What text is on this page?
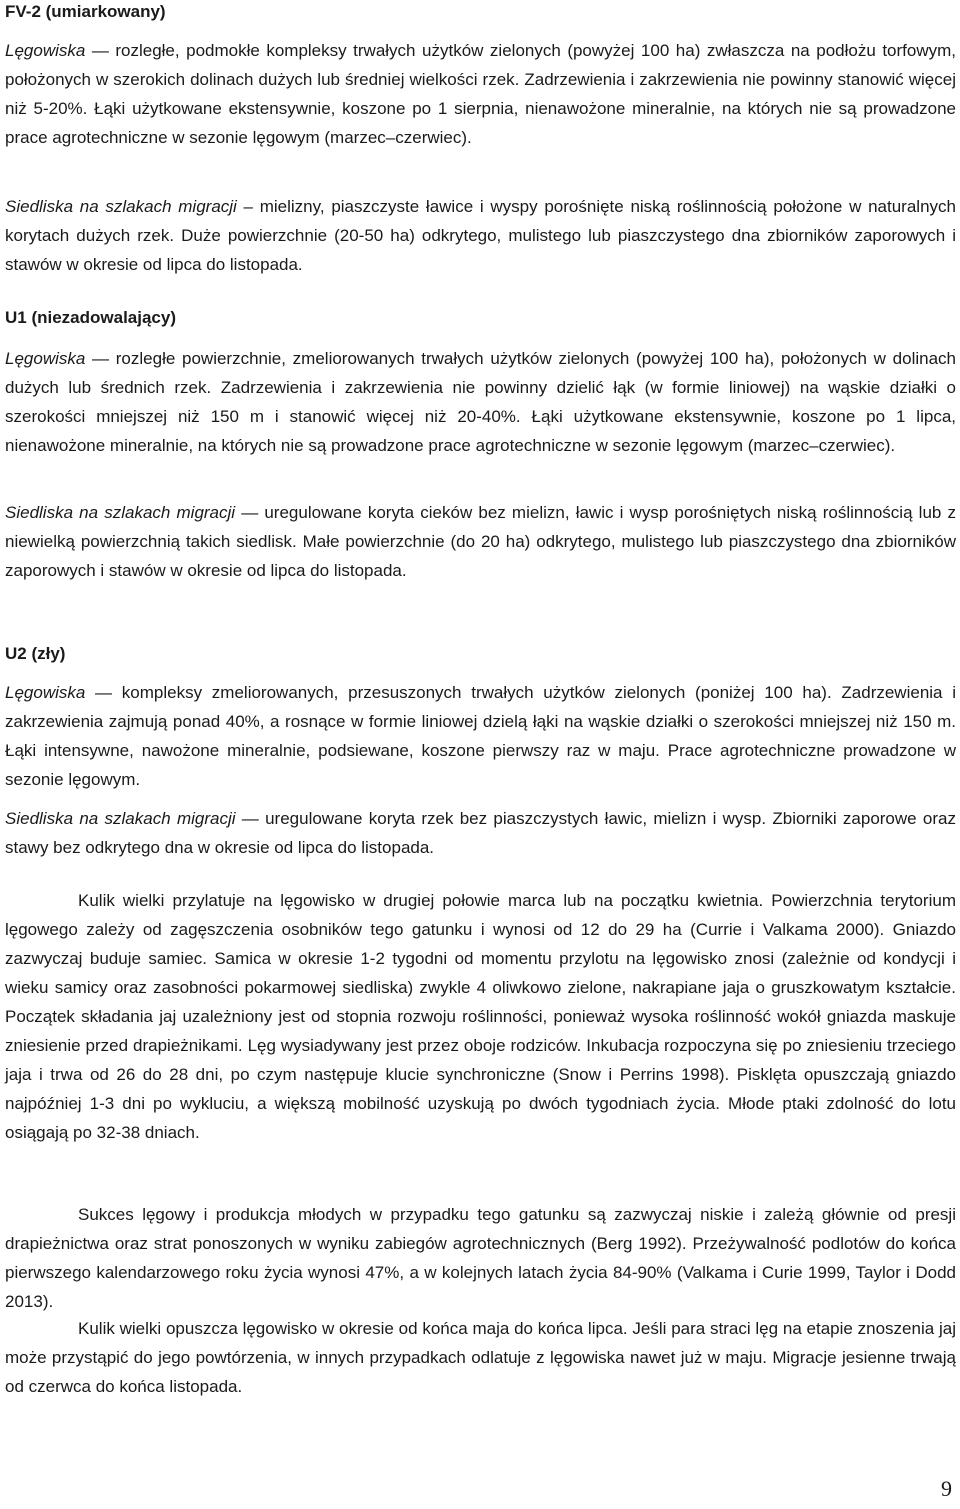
FV-2 (umiarkowany)

Lęgowiska — rozległe, podmokłe kompleksy trwałych użytków zielonych (powyżej 100 ha) zwłaszcza na podłożu torfowym, położonych w szerokich dolinach dużych lub średniej wielkości rzek. Zadrzewienia i zakrzewienia nie powinny stanowić więcej niż 5-20%. Łąki użytkowane ekstensywnie, koszone po 1 sierpnia, nienawożone mineralnie, na których nie są prowadzone prace agrotechniczne w sezonie lęgowym (marzec‒czerwiec).

Siedliska na szlakach migracji ‒ mielizny, piaszczyste ławice i wyspy porośnięte niską roślinnością położone w naturalnych korytach dużych rzek. Duże powierzchnie (20-50 ha) odkrytego, mulistego lub piaszczystego dna zbiorników zaporowych i stawów w okresie od lipca do listopada.

U1 (niezadowalający)

Lęgowiska — rozległe powierzchnie, zmeliorowanych trwałych użytków zielonych (powyżej 100 ha), położonych w dolinach dużych lub średnich rzek. Zadrzewienia i zakrzewienia nie powinny dzielić łąk (w formie liniowej) na wąskie działki o szerokości mniejszej niż 150 m i stanowić więcej niż 20-40%. Łąki użytkowane ekstensywnie, koszone po 1 lipca, nienawożone mineralnie, na których nie są prowadzone prace agrotechniczne w sezonie lęgowym (marzec‒czerwiec).

Siedliska na szlakach migracji — uregulowane koryta cieków bez mielizn, ławic i wysp porośniętych niską roślinnością lub z niewielką powierzchnią takich siedlisk. Małe powierzchnie (do 20 ha) odkrytego, mulistego lub piaszczystego dna zbiorników zaporowych i stawów w okresie od lipca do listopada.

U2 (zły)

Lęgowiska — kompleksy zmeliorowanych, przesuszonych trwałych użytków zielonych (poniżej 100 ha). Zadrzewienia i zakrzewienia zajmują ponad 40%, a rosnące w formie liniowej dzielą łąki na wąskie działki o szerokości mniejszej niż 150 m. Łąki intensywne, nawożone mineralnie, podsiewane, koszone pierwszy raz w maju. Prace agrotechniczne prowadzone w sezonie lęgowym.

Siedliska na szlakach migracji — uregulowane koryta rzek bez piaszczystych ławic, mielizn i wysp. Zbiorniki zaporowe oraz stawy bez odkrytego dna w okresie od lipca do listopada.

Kulik wielki przylatuje na lęgowisko w drugiej połowie marca lub na początku kwietnia. Powierzchnia terytorium lęgowego zależy od zagęszczenia osobników tego gatunku i wynosi od 12 do 29 ha (Currie i Valkama 2000). Gniazdo zazwyczaj buduje samiec. Samica w okresie 1-2 tygodni od momentu przylotu na lęgowisko znosi (zależnie od kondycji i wieku samicy oraz zasobności pokarmowej siedliska) zwykle 4 oliwkowo zielone, nakrapiane jaja o gruszkowatym kształcie. Początek składania jaj uzależniony jest od stopnia rozwoju roślinności, ponieważ wysoka roślinność wokół gniazda maskuje zniesienie przed drapieżnikami. Lęg wysiadywany jest przez oboje rodziców. Inkubacja rozpoczyna się po zniesieniu trzeciego jaja i trwa od 26 do 28 dni, po czym następuje klucie synchroniczne (Snow i Perrins 1998). Pisklęta opuszczają gniazdo najpóźniej 1-3 dni po wykluciu, a większą mobilność uzyskują po dwóch tygodniach życia. Młode ptaki zdolność do lotu osiągają po 32-38 dniach.

Sukces lęgowy i produkcja młodych w przypadku tego gatunku są zazwyczaj niskie i zależą głównie od presji drapieżnictwa oraz strat ponoszonych w wyniku zabiegów agrotechnicznych (Berg 1992). Przeżywalność podlotów do końca pierwszego kalendarzowego roku życia wynosi 47%, a w kolejnych latach życia 84-90% (Valkama i Curie 1999, Taylor i Dodd 2013).

Kulik wielki opuszcza lęgowisko w okresie od końca maja do końca lipca. Jeśli para straci lęg na etapie znoszenia jaj może przystąpić do jego powtórzenia, w innych przypadkach odlatuje z lęgowiska nawet już w maju. Migracje jesienne trwają od czerwca do końca listopada.

9
